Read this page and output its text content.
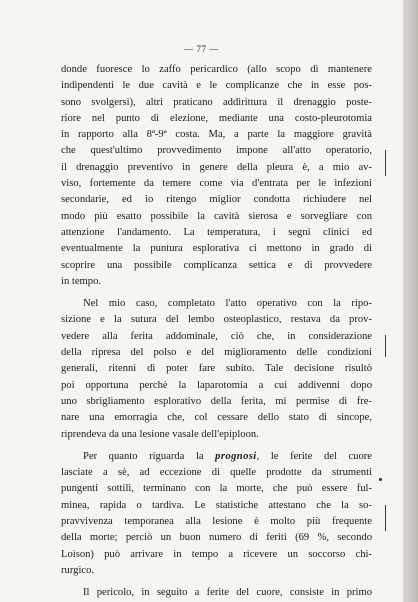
— 77 —

donde fuoresce lo zaffo pericardico (allo scopo di mantenere

indipendenti le due cavità e le complicanze che in esse pos-

sono svolgersi), altri praticano addirittura il drenaggio poste-

riore nel punto di elezione, mediante una costo-pleurotomia

in rapporto alla 8ª-9ª costa. Ma, a parte la maggiore gravità

che quest'ultimo provvedimento impone all'atto operatorio,

il drenaggio preventivo in genere della pleura è, a mio av-

viso, fortemente da temere come via d'entrata per le infezioni

secondarie, ed io ritengo miglior condotta richiudere nel

modo più esatto possibile la cavità sierosa e sorvegliare con

attenzione l'andamento. La temperatura, i segni clinici ed

eventualmente la puntura esplorativa ci mettono in grado di

scoprire una possibile complicanza settica e di provvedere

in tempo.

Nel mio caso, completato l'atto operativo con la ripo-

sizione e la sutura del lembo osteoplastico, restava da prov-

vedere alla ferita addominale, ciò che, in considerazione

della ripresa del polso e del miglioramento delle condizioni

generali, ritenni di poter fare subito. Tale decisione risultò

poi opportuna perchè la laparotomia a cui addivenni dopo

uno sbrigliamento esplorativo della ferita, mi permise di fre-

nare una emorragia che, col cessare dello stato di sincope,

riprendeva da una lesione vasale dell'epiploon.

Per quanto riguarda la prognosi, le ferite del cuore

lasciate a sè, ad eccezione di quelle prodotte da strumenti

pungenti sottili, terminano con la morte, che può essere ful-

minea, rapida o tardiva. Le statistiche attestano che la so-

pravvivenza temporanea alla lesione è molto più frequente

della morte; perciò un buon numero di feriti (69 %, secondo

Loison) può arrivare in tempo a ricevere un soccorso chi-

rurgico.

Il pericolo, in seguito a ferite del cuore, consiste in primo
